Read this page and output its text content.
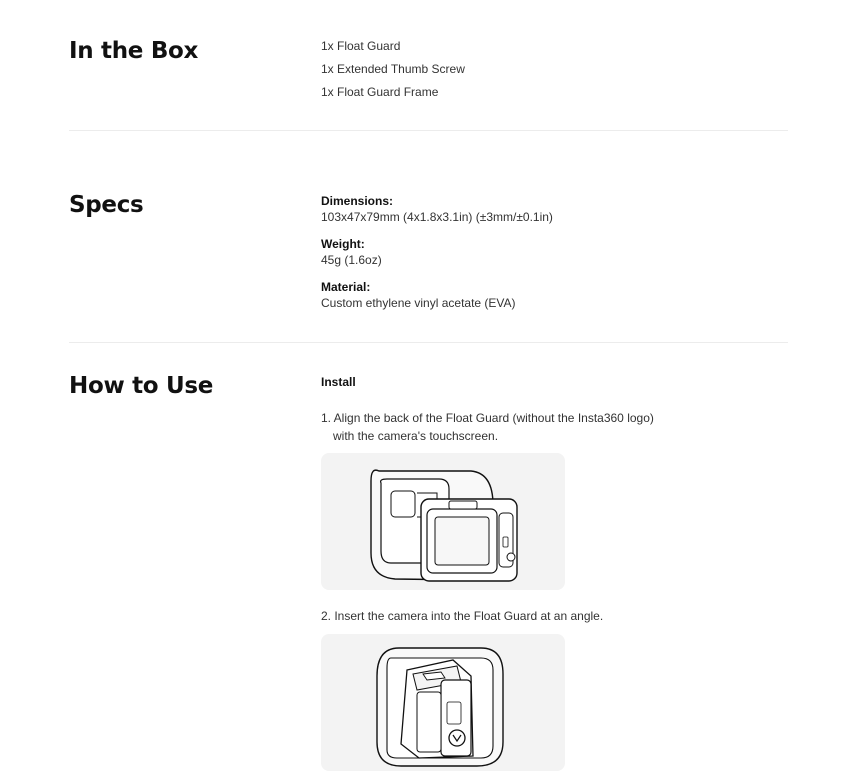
In the Box	1x Float Guard
1x Extended Thumb Screw
1x Float Guard Frame
Specs	Dimensions:
103x47x79mm (4x1.8x3.1in) (±3mm/±0.1in)
Weight:
45g (1.6oz)
Material:
Custom ethylene vinyl acetate (EVA)
How to Use	Install
1. Align the back of the Float Guard (without the Insta360 logo)
with the camera's touchscreen.
2. Insert the camera into the Float Guard at an angle.
